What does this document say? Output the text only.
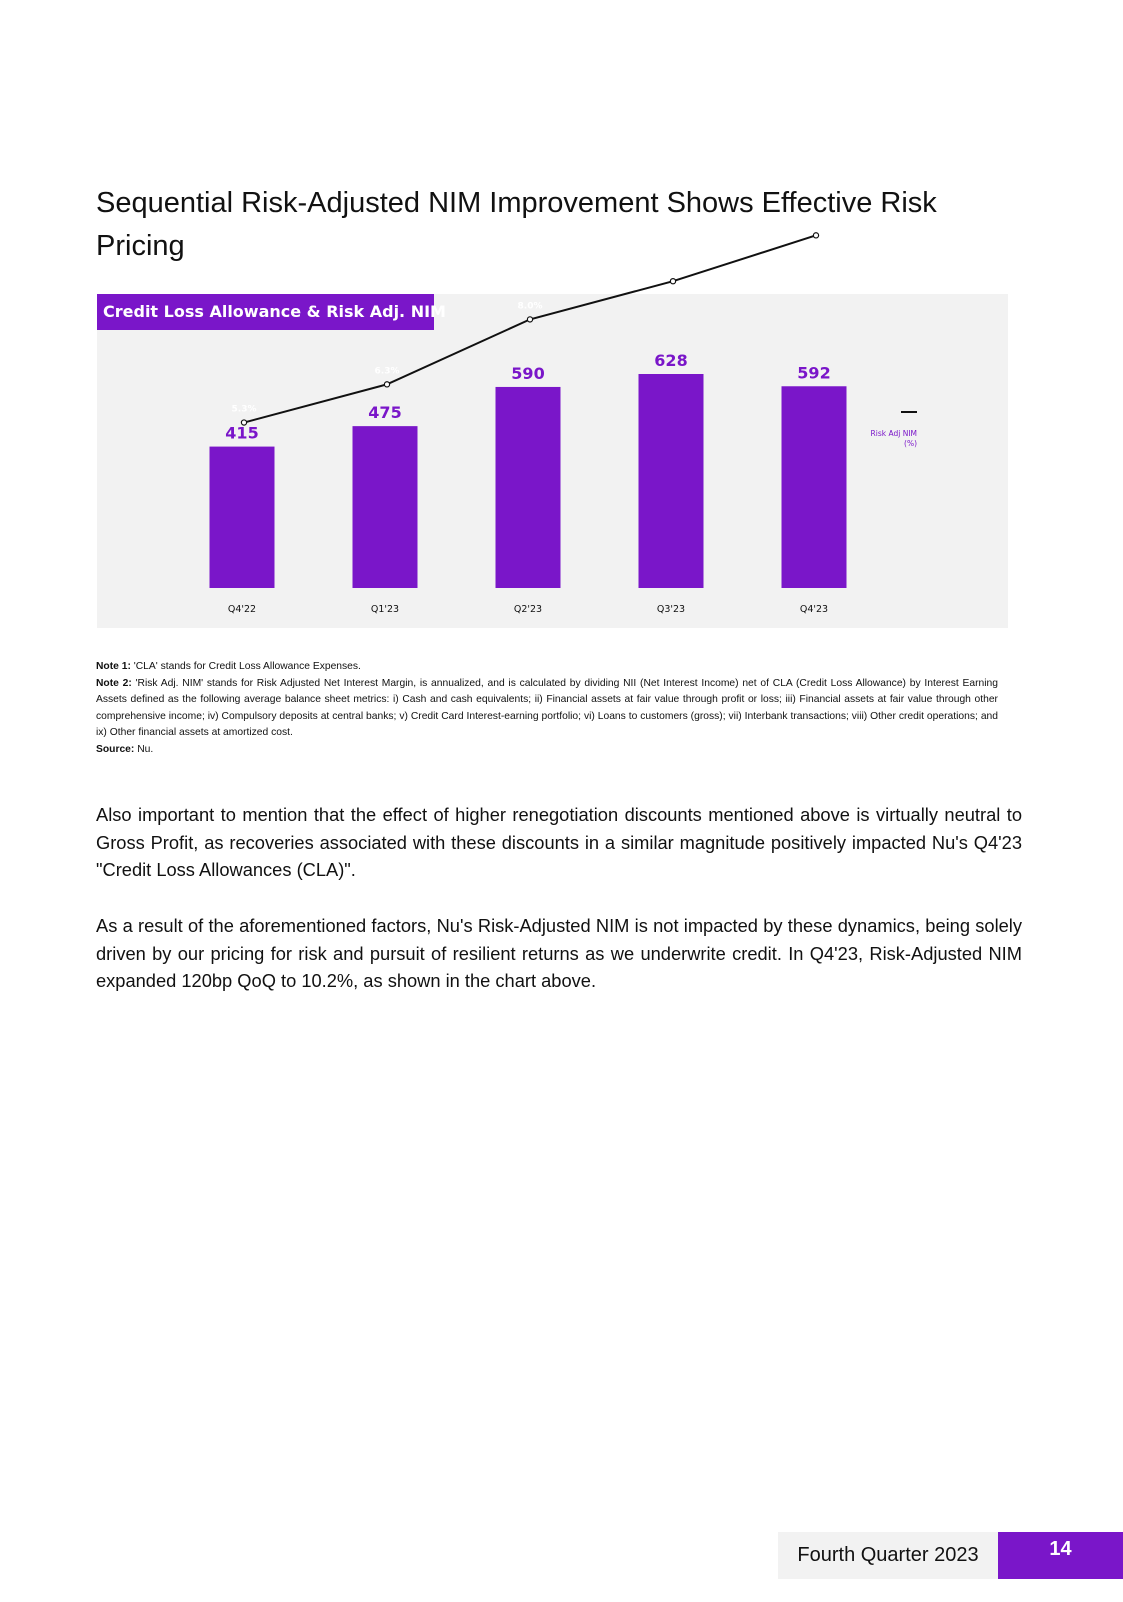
Sequential Risk-Adjusted NIM Improvement Shows Effective Risk Pricing
415
Q4'22
475
Q1'23
590
Q2'23
628
Q3'23
592
Q4'23
5.3%
6.3%
8.0%
9.0%
10.2%
Risk Adj NIM
(%)
Credit Loss Allowance & Risk Adj. NIM

Note 1: 'CLA' stands for Credit Loss Allowance Expenses.

Note 2: 'Risk Adj. NIM' stands for Risk Adjusted Net Interest Margin, is annualized, and is calculated by dividing NII (Net Interest Income) net of CLA (Credit Loss Allowance) by Interest Earning Assets defined as the following average balance sheet metrics: i) Cash and cash equivalents; ii) Financial assets at fair value through profit or loss; iii) Financial assets at fair value through other comprehensive income; iv) Compulsory deposits at central banks; v) Credit Card Interest-earning portfolio; vi) Loans to customers (gross); vii) Interbank transactions; viii) Other credit operations; and ix) Other financial assets at amortized cost.

Source: Nu.

Also important to mention that the effect of higher renegotiation discounts mentioned above is virtually neutral to Gross Profit, as recoveries associated with these discounts in a similar magnitude positively impacted Nu's Q4'23 "Credit Loss Allowances (CLA)".

As a result of the aforementioned factors, Nu's Risk-Adjusted NIM is not impacted by these dynamics, being solely driven by our pricing for risk and pursuit of resilient returns as we underwrite credit. In Q4'23, Risk-Adjusted NIM expanded 120bp QoQ to 10.2%, as shown in the chart above.

Fourth Quarter 2023	14
